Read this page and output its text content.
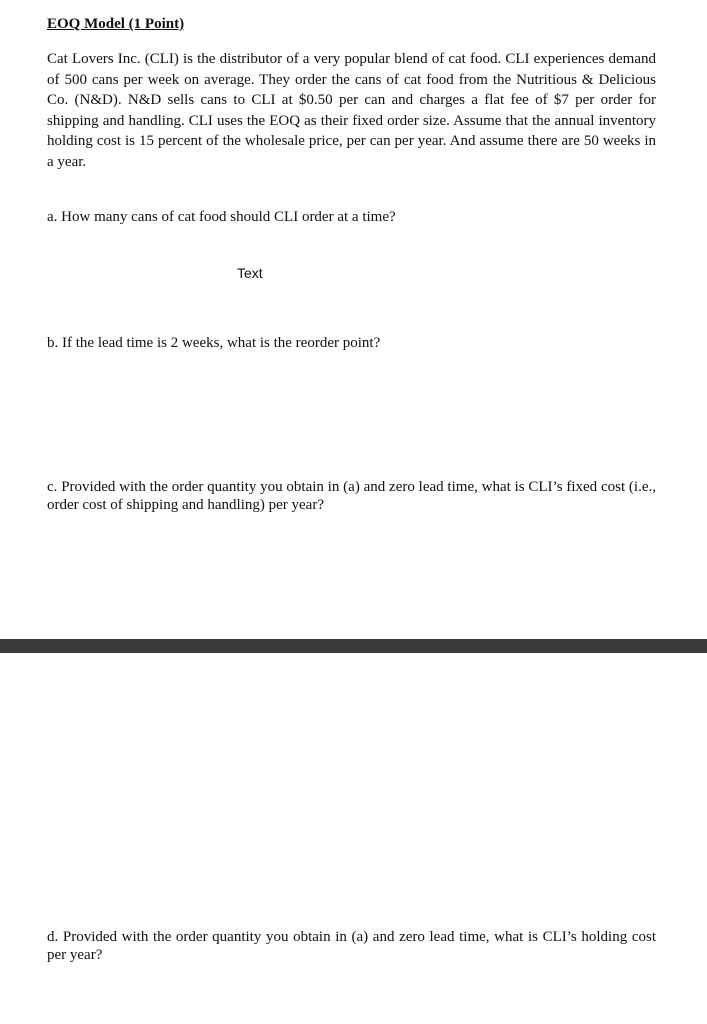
EOQ Model (1 Point)

Cat Lovers Inc. (CLI) is the distributor of a very popular blend of cat food. CLI experiences demand of 500 cans per week on average. They order the cans of cat food from the Nutritious & Delicious Co. (N&D). N&D sells cans to CLI at $0.50 per can and charges a flat fee of $7 per order for shipping and handling. CLI uses the EOQ as their fixed order size. Assume that the annual inventory holding cost is 15 percent of the wholesale price, per can per year. And assume there are 50 weeks in a year.

a. How many cans of cat food should CLI order at a time?

Text

b. If the lead time is 2 weeks, what is the reorder point?

c. Provided with the order quantity you obtain in (a) and zero lead time, what is CLI’s fixed cost (i.e., order cost of shipping and handling) per year?

d. Provided with the order quantity you obtain in (a) and zero lead time, what is CLI’s holding cost per year?
